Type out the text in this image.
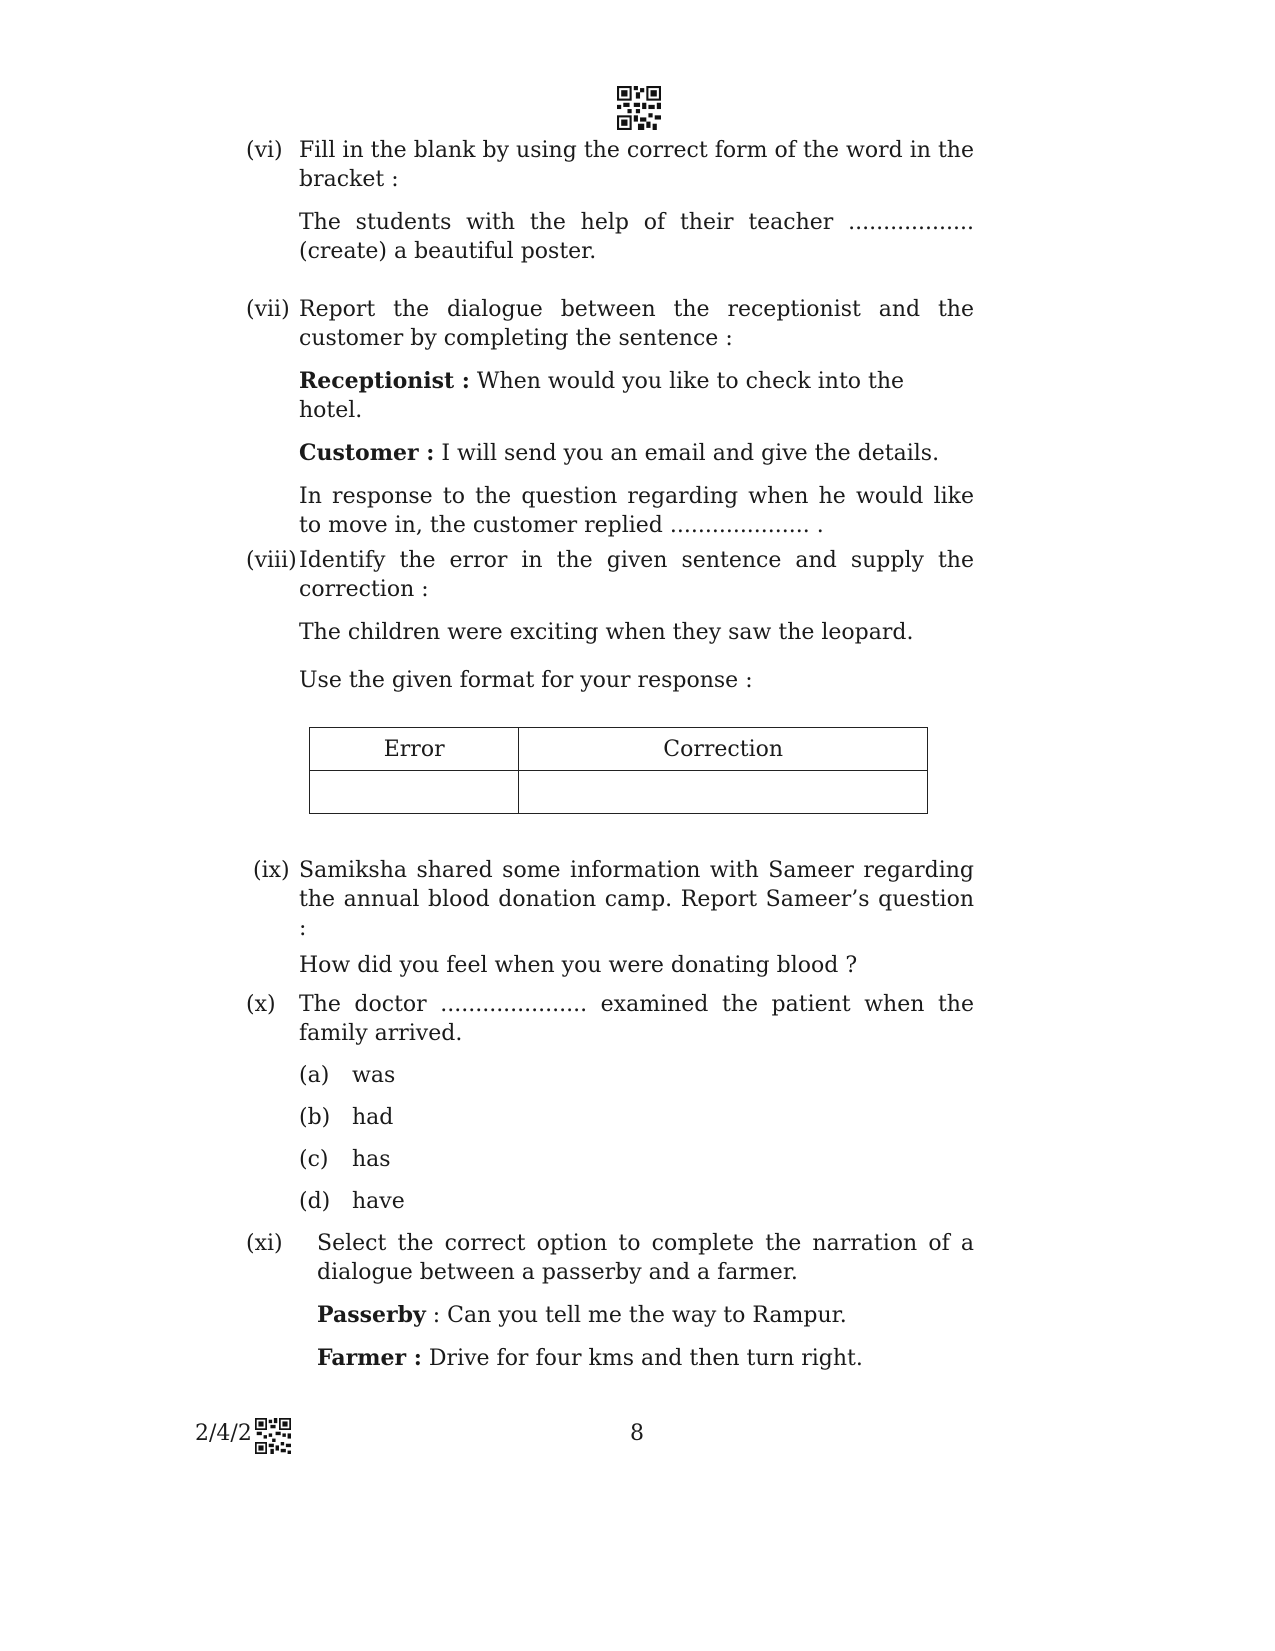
(vi) Fill in the blank by using the correct form of the word in the bracket :

The students with the help of their teacher .................. (create) a beautiful poster.

(vii) Report the dialogue between the receptionist and the customer by completing the sentence :

Receptionist : When would you like to check into the hotel.

Customer : I will send you an email and give the details.

In response to the question regarding when he would like to move in, the customer replied .................... .

(viii) Identify the error in the given sentence and supply the correction :

The children were exciting when they saw the leopard.

Use the given format for your response :

Error	Correction

(ix) Samiksha shared some information with Sameer regarding the annual blood donation camp. Report Sameer’s question :

How did you feel when you were donating blood ?

(x) The doctor ..................... examined the patient when the family arrived.

(a) was
(b) had
(c) has
(d) have
(xi) Select the correct option to complete the narration of a dialogue between a passerby and a farmer.

Passerby : Can you tell me the way to Rampur.

Farmer : Drive for four kms and then turn right.

2/4/2	8
